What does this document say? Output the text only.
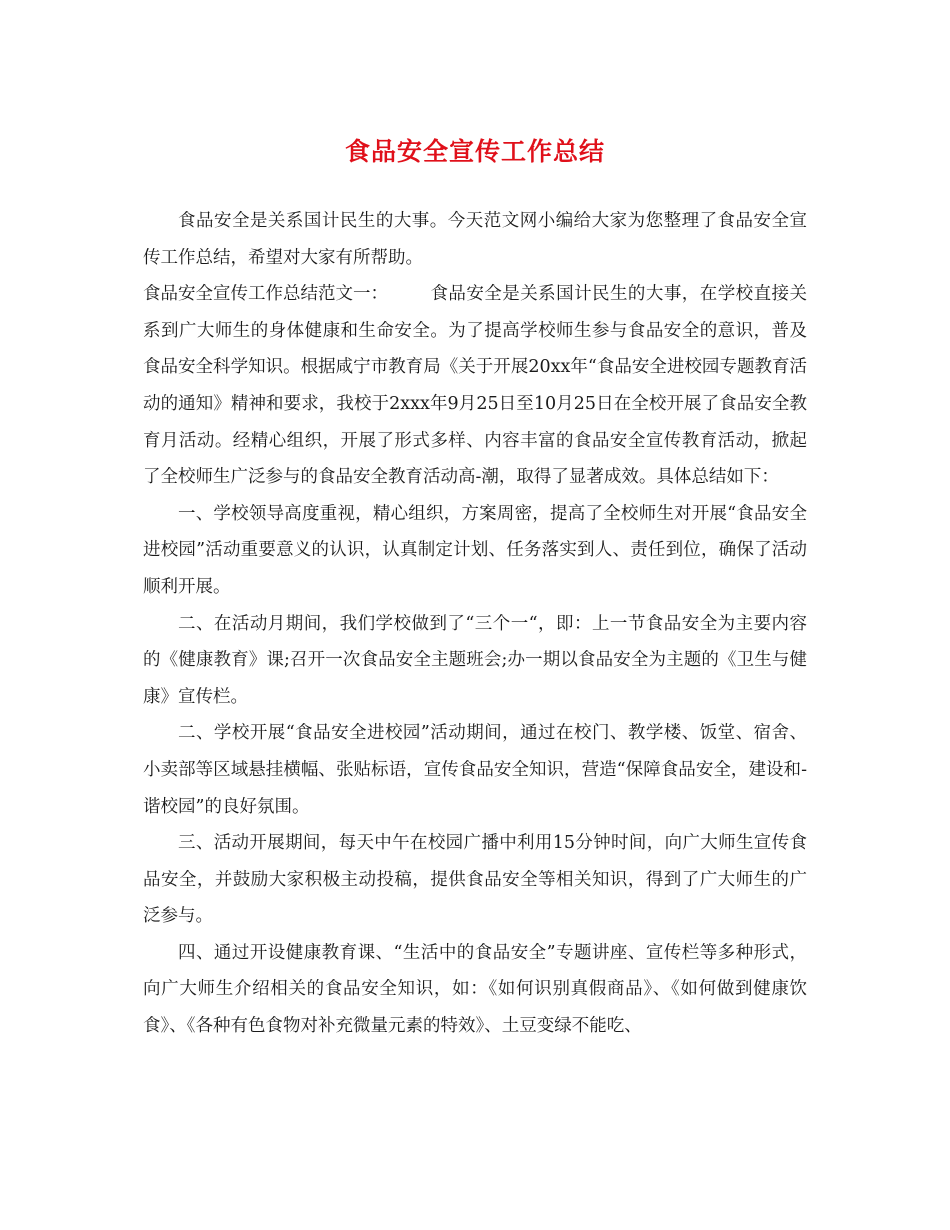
食品安全宣传工作总结

食品安全是关系国计民生的大事。今天范文网小编给大家为您整理了食品安全宣传工作总结，希望对大家有所帮助。

食品安全宣传工作总结范文一： 食品安全是关系国计民生的大事，在学校直接关系到广大师生的身体健康和生命安全。为了提高学校师生参与食品安全的意识，普及食品安全科学知识。根据咸宁市教育局《关于开展20xx年“食品安全进校园专题教育活动的通知》精神和要求，我校于2xxx年9月25日至10月25日在全校开展了食品安全教育月活动。经精心组织，开展了形式多样、内容丰富的食品安全宣传教育活动，掀起了全校师生广泛参与的食品安全教育活动高-潮，取得了显著成效。具体总结如下：

一、学校领导高度重视，精心组织，方案周密，提高了全校师生对开展“食品安全进校园”活动重要意义的认识，认真制定计划、任务落实到人、责任到位，确保了活动顺利开展。

二、在活动月期间，我们学校做到了“三个一“，即：上一节食品安全为主要内容的《健康教育》课;召开一次食品安全主题班会;办一期以食品安全为主题的《卫生与健康》宣传栏。

二、学校开展“食品安全进校园”活动期间，通过在校门、教学楼、饭堂、宿舍、小卖部等区域悬挂横幅、张贴标语，宣传食品安全知识，营造“保障食品安全，建设和-谐校园”的良好氛围。

三、活动开展期间，每天中午在校园广播中利用15分钟时间，向广大师生宣传食品安全，并鼓励大家积极主动投稿，提供食品安全等相关知识，得到了广大师生的广泛参与。

四、通过开设健康教育课、“生活中的食品安全”专题讲座、宣传栏等多种形式，向广大师生介绍相关的食品安全知识，如：《如何识别真假商品》、《如何做到健康饮食》、《各种有色食物对补充微量元素的特效》、土豆变绿不能吃、
